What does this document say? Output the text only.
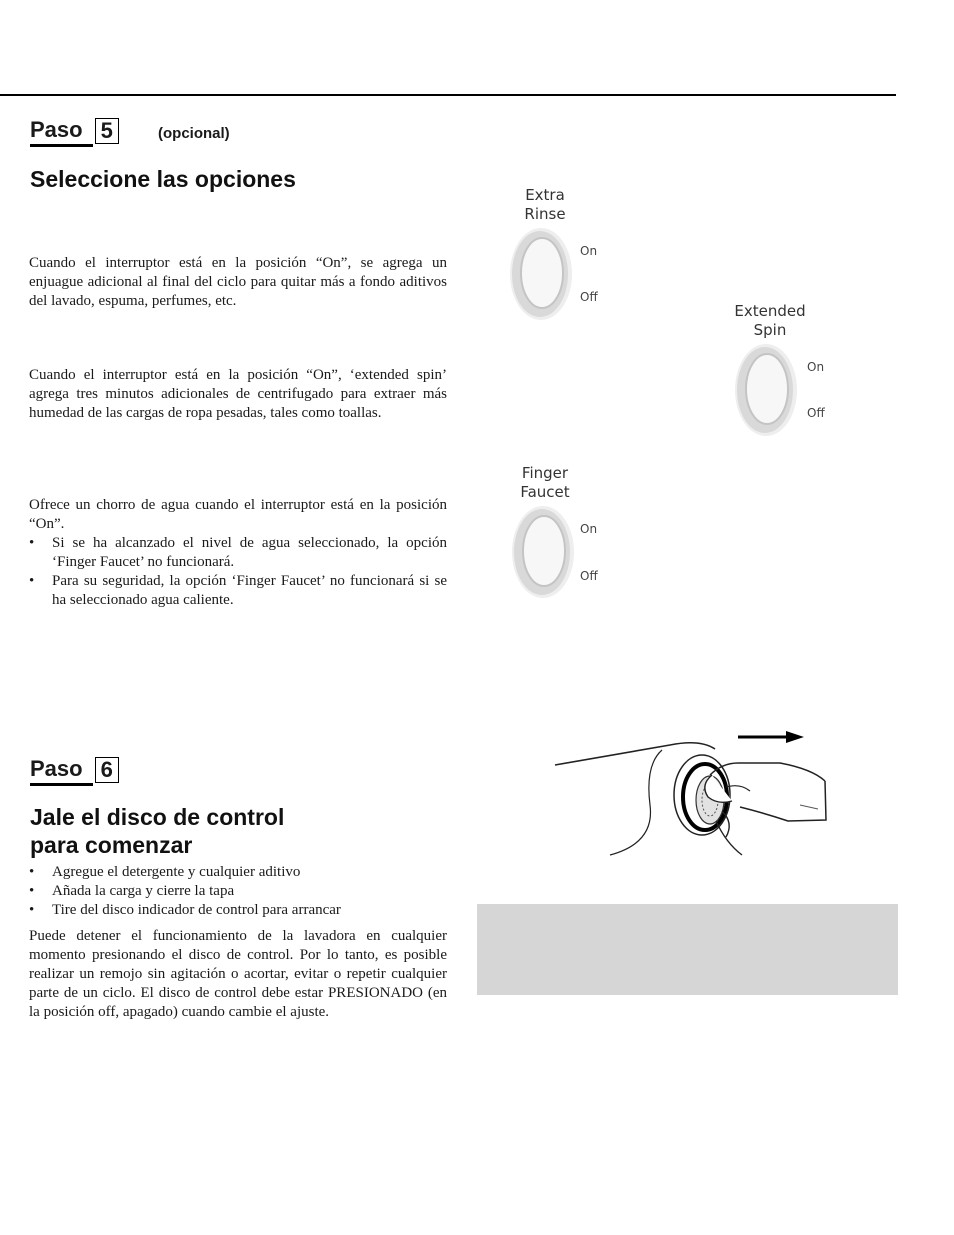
Paso 5	(opcional)
Seleccione las opciones

Cuando el interruptor está en la posición “On”, se agrega un enjuague adicional al final del ciclo para quitar más a fondo aditivos del lavado, espuma, perfumes, etc.

Cuando el interruptor está en la posición “On”, ‘extended spin’ agrega tres minutos adicionales de centrifugado para extraer más humedad de las cargas de ropa pesadas, tales como toallas.

Ofrece un chorro de agua cuando el interruptor está en la posición “On”.

• Si se ha alcanzado el nivel de agua seleccionado, la opción ‘Finger Faucet’ no funcionará.
• Para su seguridad, la opción ‘Finger Faucet’ no funcionará si se ha seleccionado agua caliente.
Extra
Rinse
On
Off
Extended
Spin
On
Off
Finger
Faucet
On
Off
Paso 6
Jale el disco de control
para comenzar
• Agregue el detergente y cualquier aditivo
• Añada la carga y cierre la tapa
• Tire del disco indicador de control para arrancar

Puede detener el funcionamiento de la lavadora en cualquier momento presionando el disco de control. Por lo tanto, es posible realizar un remojo sin agitación o acortar, evitar o repetir cualquier parte de un ciclo. El disco de control debe estar PRESIONADO (en la posición off, apagado) cuando cambie el ajuste.
